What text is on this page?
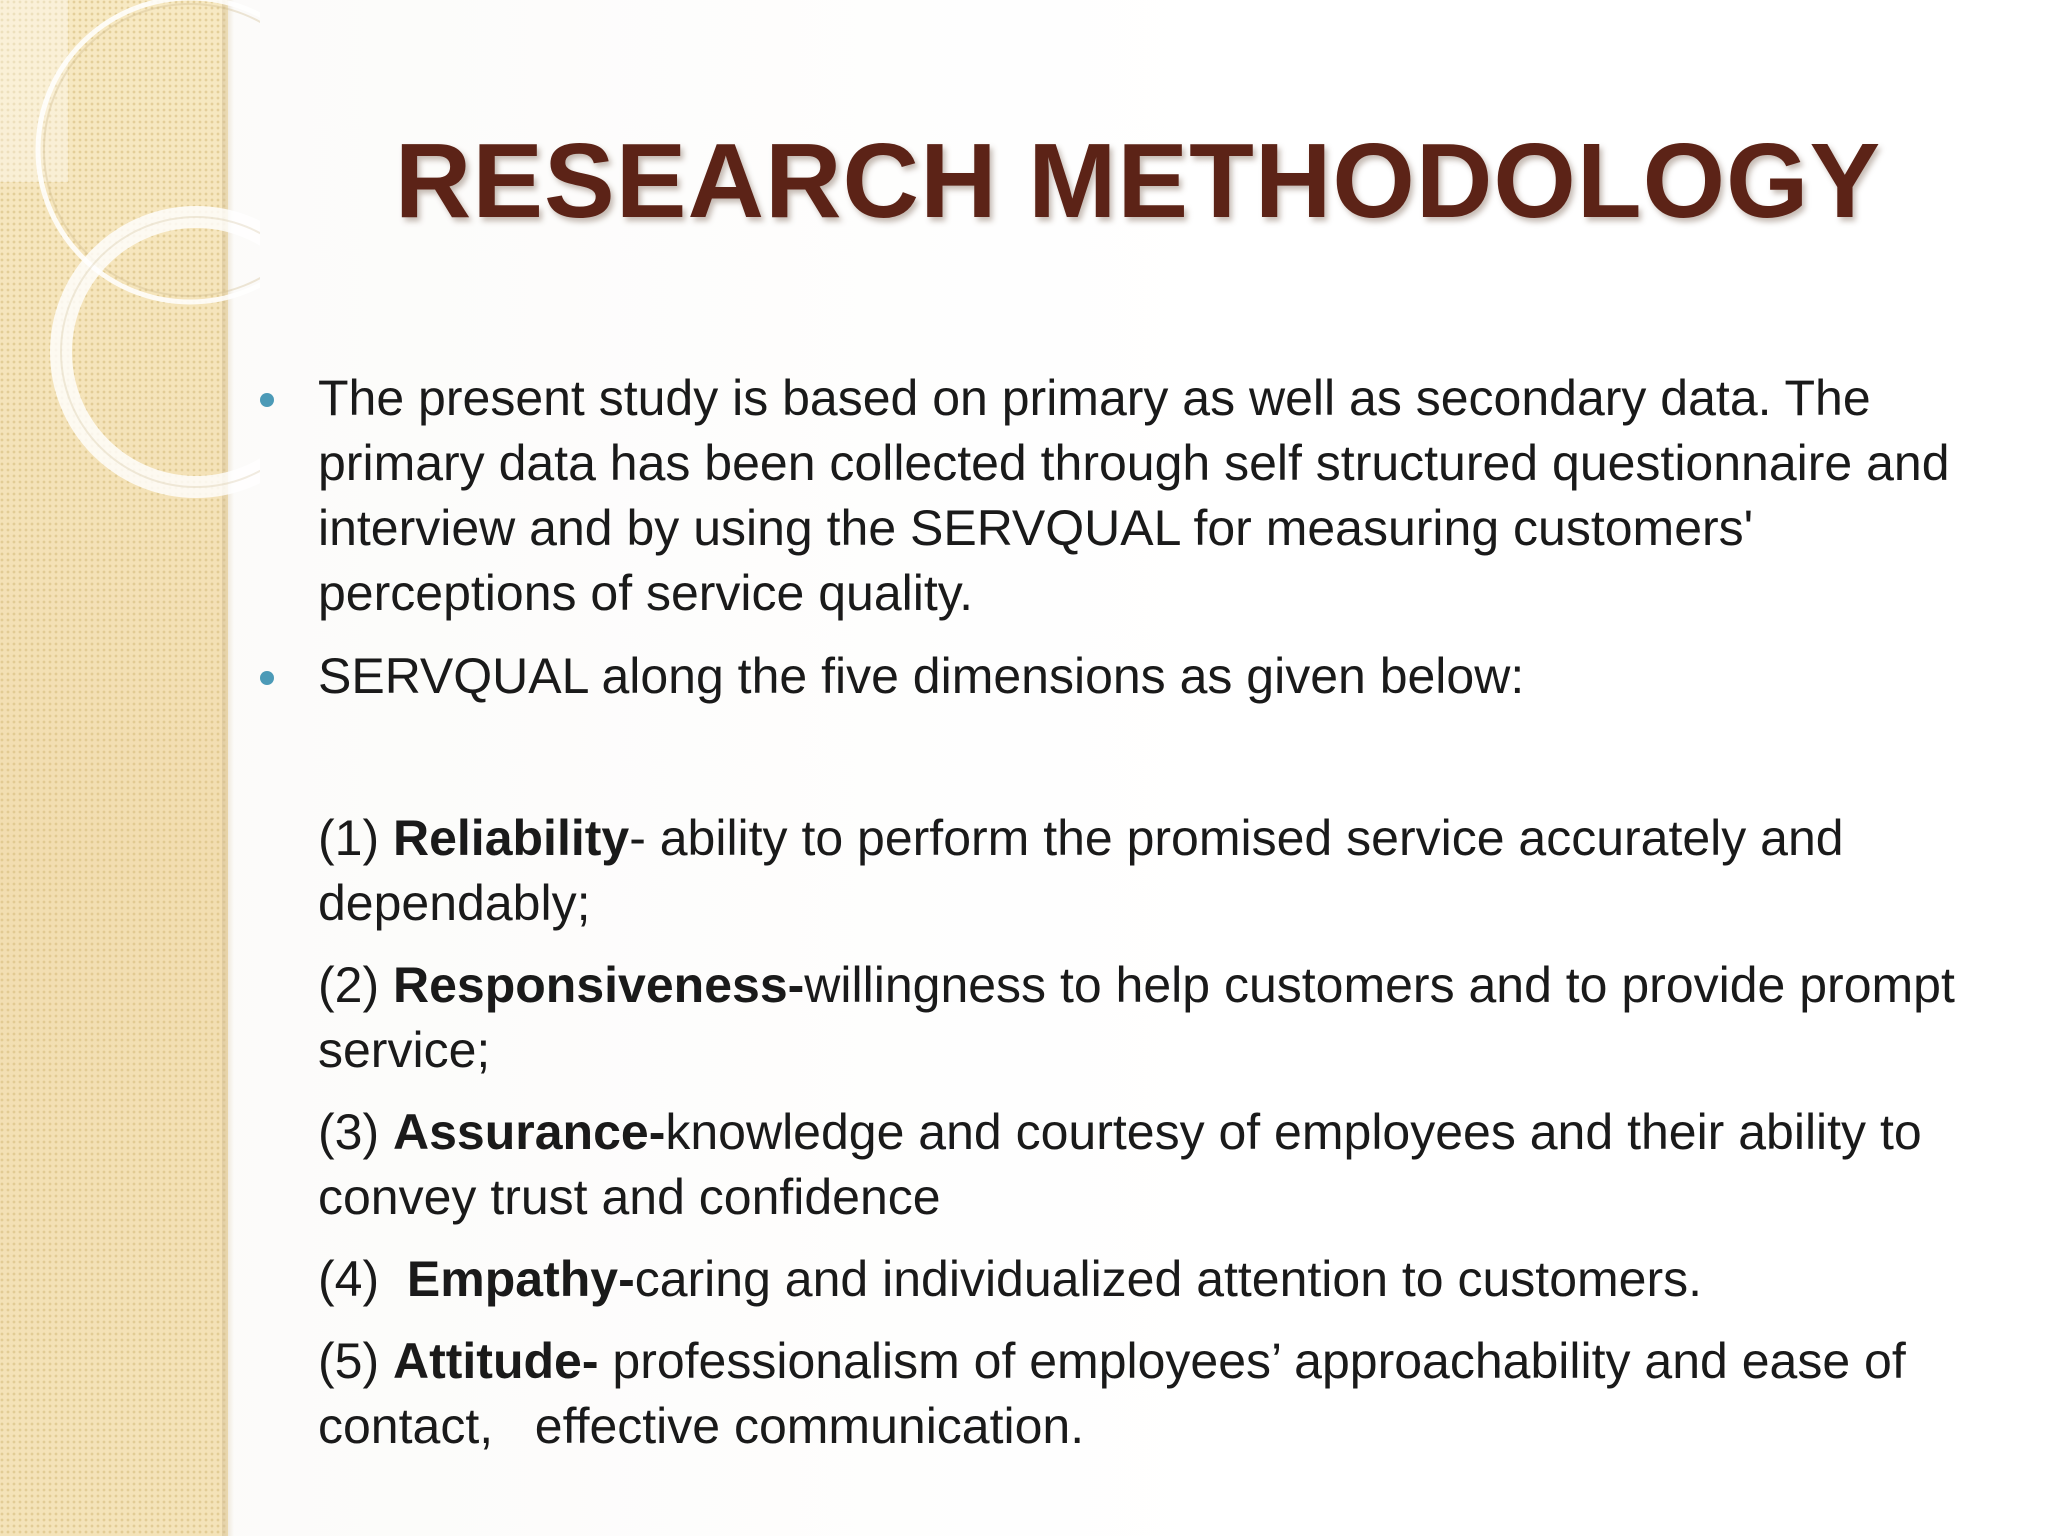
RESEARCH METHODOLOGY

The present study is based on primary as well as secondary data. The primary data has been collected through self structured questionnaire and interview and by using the SERVQUAL for measuring customers' perceptions of service quality.

SERVQUAL along the five dimensions as given below:

(1) Reliability- ability to perform the promised service accurately and dependably;

(2) Responsiveness-willingness to help customers and to provide prompt service;

(3) Assurance-knowledge and courtesy of employees and their ability to convey trust and confidence

(4)  Empathy-caring and individualized attention to customers.

(5) Attitude- professionalism of employees’ approachability and ease of contact,   effective communication.
